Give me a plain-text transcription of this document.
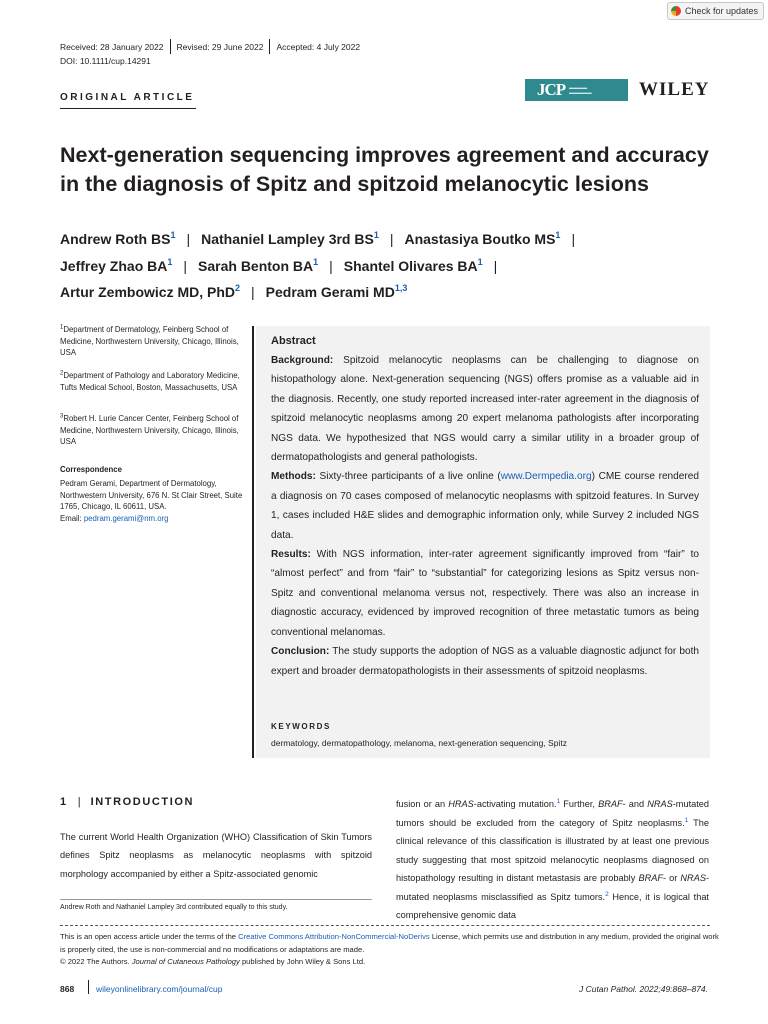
Check for updates
Received: 28 January 2022 Revised: 29 June 2022 Accepted: 4 July 2022
DOI: 10.1111/cup.14291
ORIGINAL ARTICLE	JCP ▬▬▬▬
▬▬▬▬▬ WILEY
Next-generation sequencing improves agreement and accuracy in the diagnosis of Spitz and spitzoid melanocytic lesions
Andrew Roth $BS^1$ | Nathaniel Lampley 3rd $BS^1$ | Anastasiya Boutko $MS^1$ |
Jeffrey Zhao $BA^1$ | Sarah Benton $BA^1$ | Shantel Olivares $BA^1$ |
Artur Zembowicz MD, PhD$^2$ | Pedram Gerami MD$^{1,3}$
$^1$Department of Dermatology, Feinberg School of Medicine, Northwestern University, Chicago, Illinois, USA
$^2$Department of Pathology and Laboratory Medicine, Tufts Medical School, Boston, Massachusetts, USA
$^3$Robert H. Lurie Cancer Center, Feinberg School of Medicine, Northwestern University, Chicago, Illinois, USA
Correspondence
Pedram Gerami, Department of Dermatology, Northwestern University, 676 N. St Clair Street, Suite 1765, Chicago, IL 60611, USA.
Email: pedram.gerami@nm.org
Abstract

Background: Spitzoid melanocytic neoplasms can be challenging to diagnose on histopathology alone. Next-generation sequencing (NGS) offers promise as a valuable aid in the diagnosis. Recently, one study reported increased inter-rater agreement in the diagnosis of spitzoid melanocytic neoplasms among 20 expert melanoma pathologists after incorporating NGS data. We hypothesized that NGS would carry a similar utility in a broader group of dermatopathologists and general pathologists.

Methods: Sixty-three participants of a live online (www.Dermpedia.org) CME course rendered a diagnosis on 70 cases composed of melanocytic neoplasms with spitzoid features. In Survey 1, cases included H&E slides and demographic information only, while Survey 2 included NGS data.

Results: With NGS information, inter-rater agreement significantly improved from “fair” to “almost perfect” and from “fair” to “substantial” for categorizing lesions as Spitz versus non-Spitz and conventional melanoma versus not, respectively. There was also an increase in diagnostic accuracy, evidenced by improved recognition of three metastatic tumors as being conventional melanomas.

Conclusion: The study supports the adoption of NGS as a valuable diagnostic adjunct for both expert and broader dermatopathologists in their assessments of spitzoid neoplasms.

KEYWORDS
dermatology, dermatopathology, melanoma, next-generation sequencing, Spitz
1 | INTRODUCTION

The current World Health Organization (WHO) Classification of Skin Tumors defines Spitz neoplasms as melanocytic neoplasms with spitzoid morphology accompanied by either a Spitz-associated genomic

fusion or an HRAS-activating mutation.$^1$ Further, BRAF- and NRAS-mutated tumors should be excluded from the category of Spitz neoplasms.$^1$ The clinical relevance of this classification is illustrated by at least one previous study suggesting that most spitzoid melanocytic neoplasms diagnosed on histopathology resulting in distant metastasis are probably BRAF- or NRAS-mutated neoplasms misclassified as Spitz tumors.$^2$ Hence, it is logical that comprehensive genomic data

Andrew Roth and Nathaniel Lampley 3rd contributed equally to this study.

This is an open access article under the terms of the Creative Commons Attribution-NonCommercial-NoDerivs License, which permits use and distribution in any medium, provided the original work is properly cited, the use is non-commercial and no modifications or adaptations are made.

© 2022 The Authors. Journal of Cutaneous Pathology published by John Wiley & Sons Ltd.

868	wileyonlinelibrary.com/journal/cup	J Cutan Pathol. 2022;49:868–874.
